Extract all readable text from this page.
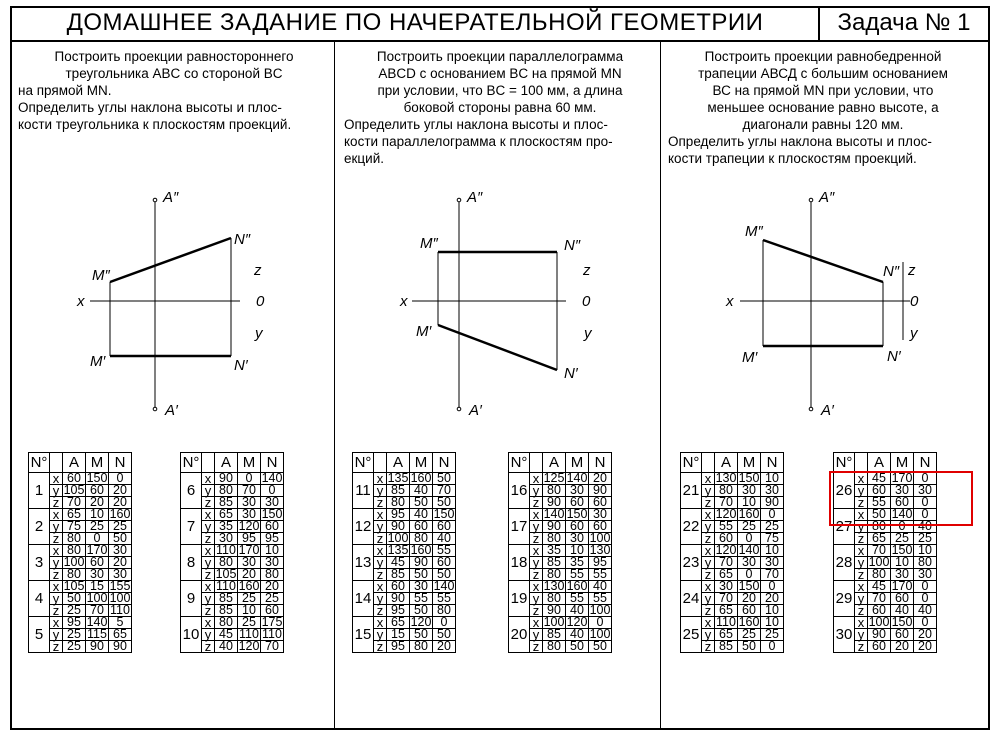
ДОМАШНЕЕ ЗАДАНИЕ ПО НАЧЕРАТЕЛЬНОЙ ГЕОМЕТРИИ	Задача № 1

Построить проекции равностороннего

треугольника ABC со стороной BC

на прямой MN.

Определить углы наклона высоты и плос-

кости треугольника к плоскостям проекций.

Построить проекции параллелограмма

ABCD с основанием BC на прямой MN

при условии, что BC = 100 мм, а длина

боковой стороны равна 60 мм.

Определить углы наклона высоты и плос-

кости параллелограмма к плоскостям про-

екций.

Построить проекции равнобедренной

трапеции АВСД с большим основанием

ВС на прямой MN при условии, что

меньшее основание равно высоте, а

диагонали равны 120 мм.

Определить углы наклона высоты и плос-

кости трапеции к плоскостям проекций.

A″
A′
M″
M′
N″
N′
x
z
0
y
A″
A′
M″
M′
N″
N′
x
z
0
y
A″
A′
M″
M′
N″
N′
x
z
0
y
N°		A	M	N
1	x	60	150	0
	y	105	60	20
	z	70	20	20
2	x	65	10	160
	y	75	25	25
	z	80	0	50
3	x	80	170	30
	y	100	60	20
	z	80	30	30
4	x	105	15	155
	y	50	100	100
	z	25	70	110
5	x	95	140	5
	y	25	115	65
	z	25	90	90
N°		A	M	N
6	x	90	0	140
	y	80	70	0
	z	85	30	30
7	x	65	30	150
	y	35	120	60
	z	30	95	95
8	x	110	170	10
	y	80	30	30
	z	105	20	80
9	x	110	160	20
	y	85	25	25
	z	85	10	60
10	x	80	25	175
	y	45	110	110
	z	40	120	70
N°		A	M	N
11	x	135	160	50
	y	85	40	70
	z	80	50	50
12	x	95	40	150
	y	90	60	60
	z	100	80	40
13	x	135	160	55
	y	45	90	60
	z	85	50	50
14	x	60	30	140
	y	90	55	55
	z	95	50	80
15	x	65	120	0
	y	15	50	50
	z	95	80	20
N°		A	M	N
16	x	125	140	20
	y	80	30	90
	z	90	60	60
17	x	140	150	30
	y	90	60	60
	z	80	30	100
18	x	35	10	130
	y	85	35	95
	z	80	55	55
19	x	130	160	40
	y	80	55	55
	z	90	40	100
20	x	100	120	0
	y	85	40	100
	z	80	50	50
N°		A	M	N
21	x	130	150	10
	y	80	30	30
	z	70	10	90
22	x	120	160	0
	y	55	25	25
	z	60	0	75
23	x	120	140	10
	y	70	30	30
	z	65	0	70
24	x	30	150	0
	y	70	20	20
	z	65	60	10
25	x	110	160	10
	y	65	25	25
	z	85	50	0
N°		A	M	N
26	x	45	170	0
	y	60	30	30
	z	55	60	0
27	x	50	140	0
	y	80	0	40
	z	65	25	25
28	x	70	150	10
	y	100	10	80
	z	80	30	30
29	x	45	170	0
	y	70	60	0
	z	60	40	40
30	x	100	150	0
	y	90	60	20
	z	60	20	20
